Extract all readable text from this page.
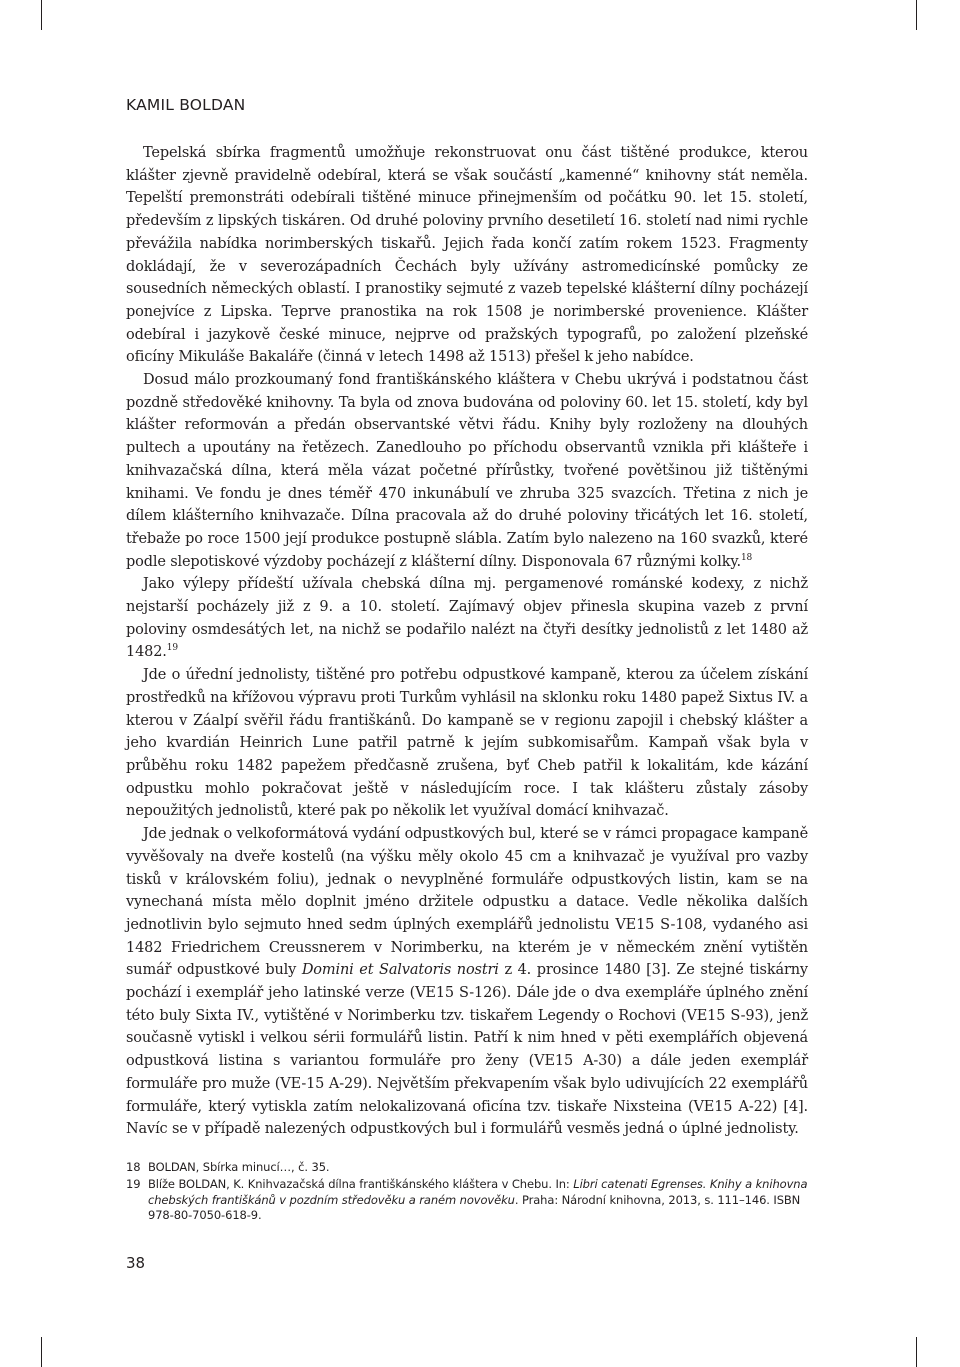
KAMIL BOLDAN

Tepelská sbírka fragmentů umožňuje rekonstruovat onu část tištěné produkce, kterou klášter zjevně pravidelně odebíral, která se však součástí „kamenné“ knihovny stát neměla. Tepelští premonstráti odebírali tištěné minuce přinejmenším od počátku 90. let 15. století, především z lipských tiskáren. Od druhé poloviny prvního desetiletí 16. století nad nimi rychle převážila nabídka norimberských tiskařů. Jejich řada končí zatím rokem 1523. Fragmenty dokládají, že v severozápadních Čechách byly užívány astromedicínské pomůcky ze sousedních německých oblastí. I pranostiky sejmuté z vazeb tepelské klášterní dílny pocházejí ponejvíce z Lipska. Teprve pranostika na rok 1508 je norimberské provenience. Klášter odebíral i jazykově české minuce, nejprve od pražských typografů, po založení plzeňské oficíny Mikuláše Bakaláře (činná v letech 1498 až 1513) přešel k jeho nabídce.

Dosud málo prozkoumaný fond františkánského kláštera v Chebu ukrývá i podstatnou část pozdně středověké knihovny. Ta byla od znova budována od poloviny 60. let 15. století, kdy byl klášter reformován a předán observantské větvi řádu. Knihy byly rozloženy na dlouhých pultech a upoutány na řetězech. Zanedlouho po příchodu observantů vznikla při klášteře i knihvazačská dílna, která měla vázat početné přírůstky, tvořené povětšinou již tištěnými knihami. Ve fondu je dnes téměř 470 inkunábulí ve zhruba 325 svazcích. Třetina z nich je dílem klášterního knihvazače. Dílna pracovala až do druhé poloviny třicátých let 16. století, třebaže po roce 1500 její produkce postupně slábla. Zatím bylo nalezeno na 160 svazků, které podle slepotiskové výzdoby pocházejí z klášterní dílny. Disponovala 67 různými kolky.$^{18}$

Jako výlepy přídeští užívala chebská dílna mj. pergamenové románské kodexy, z nichž nejstarší pocházely již z 9. a 10. století. Zajímavý objev přinesla skupina vazeb z první poloviny osmdesátých let, na nichž se podařilo nalézt na čtyři desítky jednolistů z let 1480 až 1482.19

Jde o úřední jednolisty, tištěné pro potřebu odpustkové kampaně, kterou za účelem získání prostředků na křížovou výpravu proti Turkům vyhlásil na sklonku roku 1480 papež Sixtus IV. a kterou v Záalpí svěřil řádu františkánů. Do kampaně se v regionu zapojil i chebský klášter a jeho kvardián Heinrich Lune patřil patrně k jejím subkomisařům. Kampaň však byla v průběhu roku 1482 papežem předčasně zrušena, byť Cheb patřil k lokalitám, kde kázání odpustku mohlo pokračovat ještě v následujícím roce. I tak klášteru zůstaly zásoby nepoužitých jednolistů, které pak po několik let využíval domácí knihvazač.

Jde jednak o velkoformátová vydání odpustkových bul, které se v rámci propagace kampaně vyvěšovaly na dveře kostelů (na výšku měly okolo 45 cm a knihvazač je využíval pro vazby tisků v královském foliu), jednak o nevyplněné formuláře odpustkových listin, kam se na vynechaná místa mělo doplnit jméno držitele odpustku a datace. Vedle několika dalších jednotlivin bylo sejmuto hned sedm úplných exemplářů jednolistu VE15 S-108, vydaného asi 1482 Friedrichem Creussnerem v Norimberku, na kterém je v německém znění vytištěn sumář odpustkové buly Domini et Salvatoris nostri z 4. prosince 1480 [3]. Ze stejné tiskárny pochází i exemplář jeho latinské verze (VE15 S-126). Dále jde o dva exempláře úplného znění této buly Sixta IV., vytištěné v Norimberku tzv. tiskařem Legendy o Rochovi (VE15 S-93), jenž současně vytiskl i velkou sérii formulářů listin. Patří k nim hned v pěti exemplářích objevená odpustková listina s variantou formuláře pro ženy (VE15 A-30) a dále jeden exemplář formuláře pro muže (VE-15 A-29). Největším překvapením však bylo udivujících 22 exemplářů formuláře, který vytiskla zatím nelokalizovaná oficína tzv. tiskaře Nixsteina (VE15 A-22) [4]. Navíc se v případě nalezených odpustkových bul i formulářů vesměs jedná o úplné jednolisty.

18 BOLDAN, Sbírka minucí…, č. 35.
19 Blíže BOLDAN, K. Knihvazačská dílna františkánského kláštera v Chebu. In: Libri catenati Egrenses. Knihy a knihovna chebských františkánů v pozdním středověku a raném novověku. Praha: Národní knihovna, 2013, s. 111–146. ISBN 978-80-7050-618-9.
38
